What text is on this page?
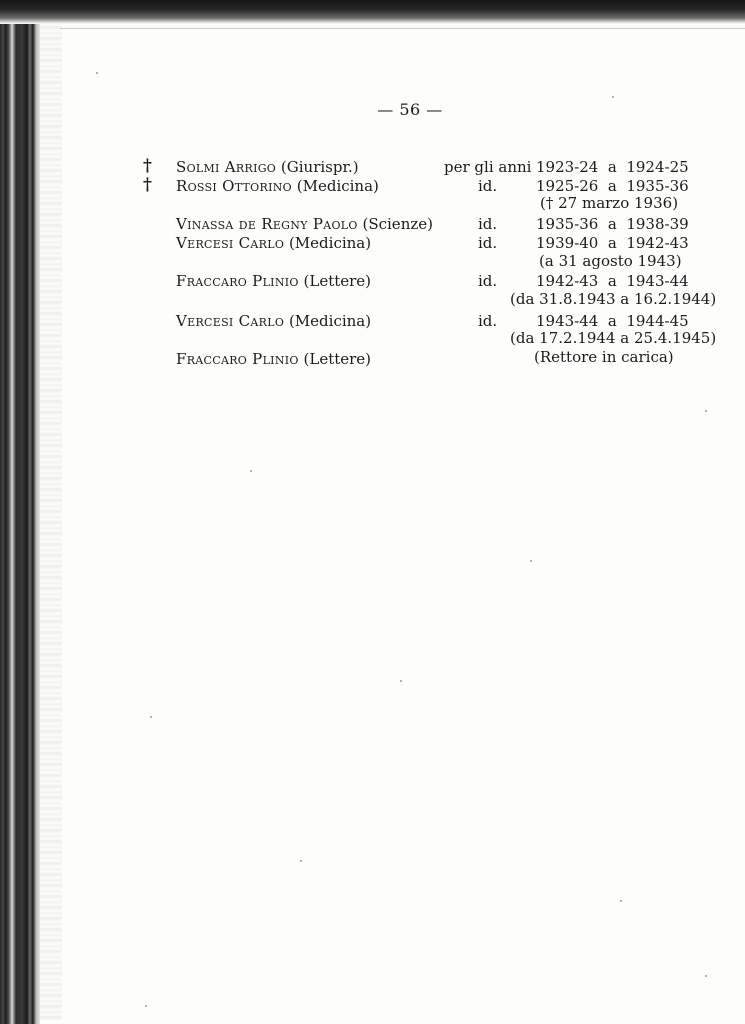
— 56 —
† Solmi Arrigo (Giurispr.)	per gli anni 1923-24  a  1924-25
† Rossi Ottorino (Medicina)	id.	1925-26  a  1935-36
(† 27 marzo 1936)
Vinassa de Regny Paolo (Scienze)	id.	1935-36  a  1938-39
Vercesi Carlo (Medicina)	id.	1939-40  a  1942-43
(a 31 agosto 1943)
Fraccaro Plinio (Lettere)	id.	1942-43  a  1943-44
(da 31.8.1943 a 16.2.1944)
Vercesi Carlo (Medicina)	id.	1943-44  a  1944-45
(da 17.2.1944 a 25.4.1945)
Fraccaro Plinio (Lettere)	(Rettore in carica)
